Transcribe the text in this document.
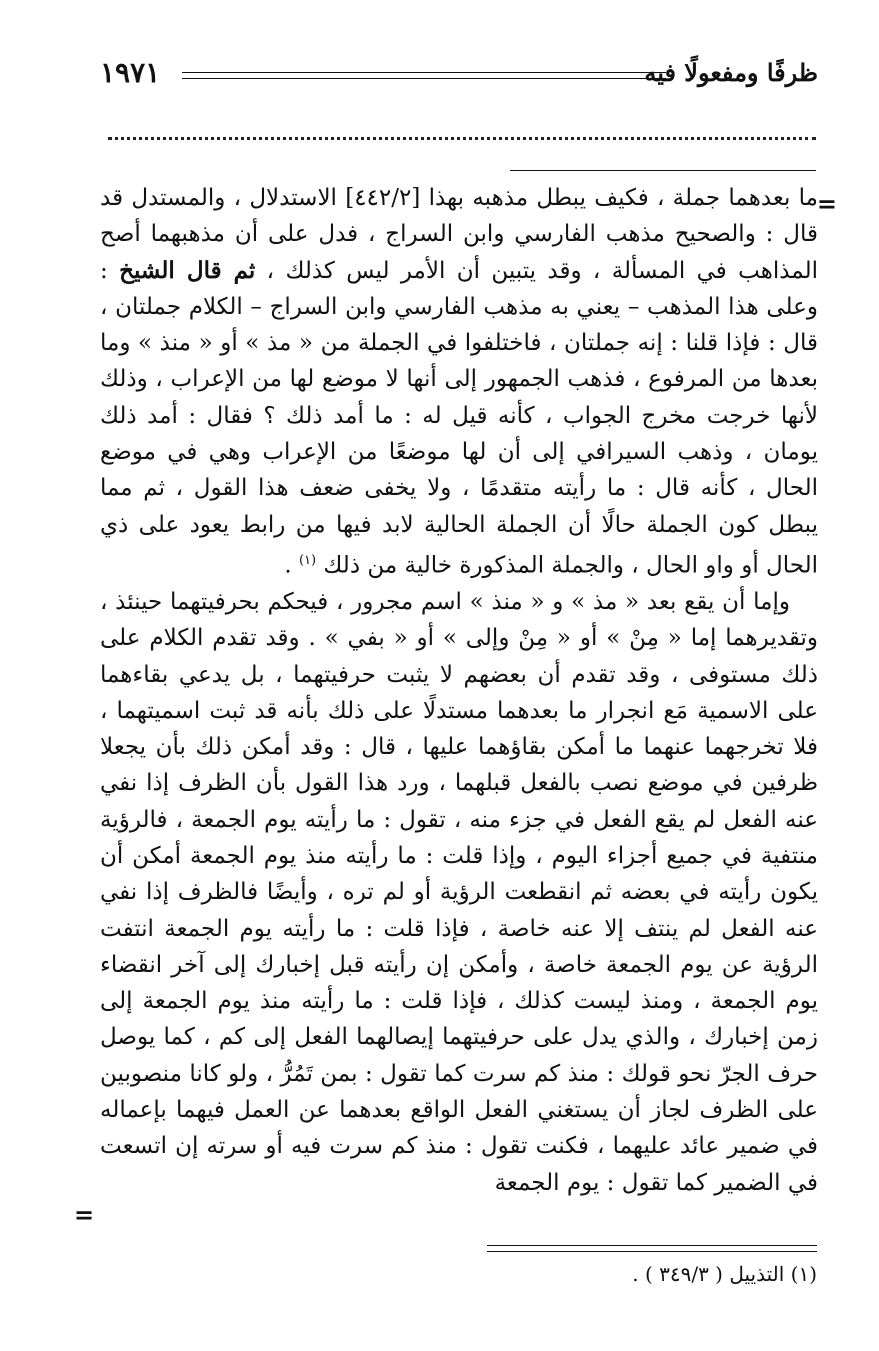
ظرفًا ومفعولًا فيه
١٩٧١
=

ما بعدهما جملة ، فكيف يبطل مذهبه بهذا [٤٤٢/٢] الاستدلال ، والمستدل قد قال : والصحيح مذهب الفارسي وابن السراج ، فدل على أن مذهبهما أصح المذاهب في المسألة ، وقد يتبين أن الأمر ليس كذلك ، ثم قال الشيخ : وعلى هذا المذهب – يعني به مذهب الفارسي وابن السراج – الكلام جملتان ، قال : فإذا قلنا : إنه جملتان ، فاختلفوا في الجملة من « مذ » أو « منذ » وما بعدها من المرفوع ، فذهب الجمهور إلى أنها لا موضع لها من الإعراب ، وذلك لأنها خرجت مخرج الجواب ، كأنه قيل له : ما أمد ذلك ؟ فقال : أمد ذلك يومان ، وذهب السيرافي إلى أن لها موضعًا من الإعراب وهي في موضع الحال ، كأنه قال : ما رأيته متقدمًا ، ولا يخفى ضعف هذا القول ، ثم مما يبطل كون الجملة حالًا أن الجملة الحالية لابد فيها من رابط يعود على ذي الحال أو واو الحال ، والجملة المذكورة خالية من ذلك $^{(١)}$ .

وإما أن يقع بعد « مذ » و « منذ » اسم مجرور ، فيحكم بحرفيتهما حينئذ ، وتقديرهما إما « مِنْ » أو « مِنْ وإلى » أو « بفي » . وقد تقدم الكلام على ذلك مستوفى ، وقد تقدم أن بعضهم لا يثبت حرفيتهما ، بل يدعي بقاءهما على الاسمية مَع انجرار ما بعدهما مستدلًا على ذلك بأنه قد ثبت اسميتهما ، فلا تخرجهما عنهما ما أمكن بقاؤهما عليها ، قال : وقد أمكن ذلك بأن يجعلا ظرفين في موضع نصب بالفعل قبلهما ، ورد هذا القول بأن الظرف إذا نفي عنه الفعل لم يقع الفعل في جزء منه ، تقول : ما رأيته يوم الجمعة ، فالرؤية منتفية في جميع أجزاء اليوم ، وإذا قلت : ما رأيته منذ يوم الجمعة أمكن أن يكون رأيته في بعضه ثم انقطعت الرؤية أو لم تره ، وأيضًا فالظرف إذا نفي عنه الفعل لم ينتف إلا عنه خاصة ، فإذا قلت : ما رأيته يوم الجمعة انتفت الرؤية عن يوم الجمعة خاصة ، وأمكن إن رأيته قبل إخبارك إلى آخر انقضاء يوم الجمعة ، ومنذ ليست كذلك ، فإذا قلت : ما رأيته منذ يوم الجمعة إلى زمن إخبارك ، والذي يدل على حرفيتهما إيصالهما الفعل إلى كم ، كما يوصل حرف الجرّ نحو قولك : منذ كم سرت كما تقول : بمن تَمُرُّ ، ولو كانا منصوبين على الظرف لجاز أن يستغني الفعل الواقع بعدهما عن العمل فيهما بإعماله في ضمير عائد عليهما ، فكنت تقول : منذ كم سرت فيه أو سرته إن اتسعت في الضمير كما تقول : يوم الجمعة

=
(١) التذييل ( ٣٤٩/٣ ) .
